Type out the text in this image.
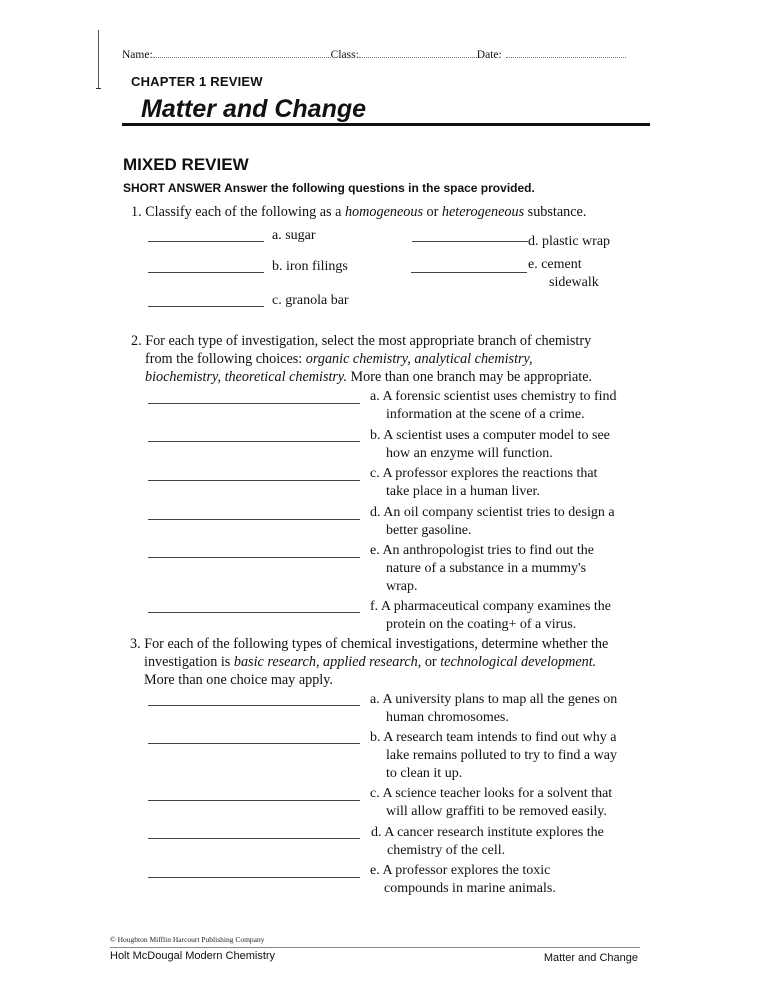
Name:	Class:	Date:
CHAPTER 1 REVIEW
Matter and Change
MIXED REVIEW
SHORT ANSWER Answer the following questions in the space provided.
1. Classify each of the following as a homogeneous or heterogeneous substance.
a. sugar
b. iron filings
c. granola bar
d. plastic wrap
e. cement
sidewalk
2. For each type of investigation, select the most appropriate branch of chemistry
from the following choices: organic chemistry, analytical chemistry,
biochemistry, theoretical chemistry. More than one branch may be appropriate.
a. A forensic scientist uses chemistry to find
information at the scene of a crime.
b. A scientist uses a computer model to see
how an enzyme will function.
c. A professor explores the reactions that
take place in a human liver.
d. An oil company scientist tries to design a
better gasoline.
e. An anthropologist tries to find out the
nature of a substance in a mummy's
wrap.
f. A pharmaceutical company examines the
protein on the coating+ of a virus.
3. For each of the following types of chemical investigations, determine whether the
investigation is basic research, applied research, or technological development.
More than one choice may apply.
a. A university plans to map all the genes on
human chromosomes.
b. A research team intends to find out why a
lake remains polluted to try to find a way
to clean it up.
c. A science teacher looks for a solvent that
will allow graffiti to be removed easily.
d. A cancer research institute explores the
chemistry of the cell.
e. A professor explores the toxic
compounds in marine animals.
© Houghton Mifflin Harcourt Publishing Company
Holt McDougal Modern Chemistry	Matter and Change
